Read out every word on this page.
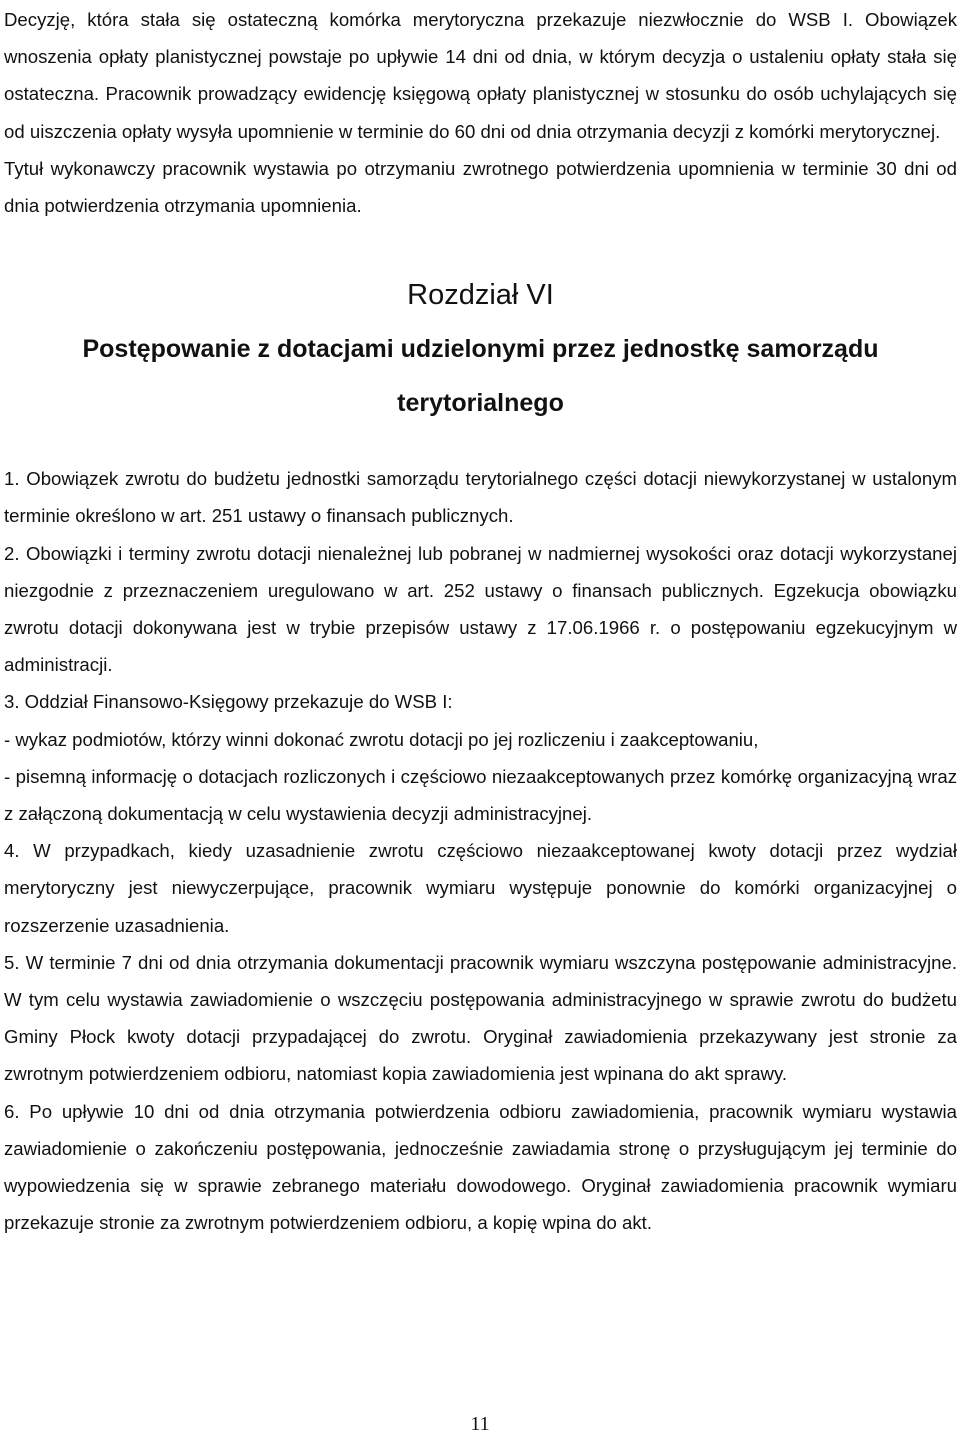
Decyzję, która stała się ostateczną komórka merytoryczna przekazuje niezwłocznie do WSB I. Obowiązek wnoszenia opłaty planistycznej powstaje po upływie 14 dni od dnia, w którym decyzja o ustaleniu opłaty stała się ostateczna. Pracownik prowadzący ewidencję księgową opłaty planistycznej w stosunku do osób uchylających się od uiszczenia opłaty wysyła upomnienie w terminie do 60 dni od dnia otrzymania decyzji z komórki merytorycznej.

Tytuł wykonawczy pracownik wystawia po otrzymaniu zwrotnego potwierdzenia upomnienia w terminie 30 dni od dnia potwierdzenia otrzymania upomnienia.

Rozdział VI
Postępowanie z dotacjami udzielonymi przez jednostkę samorządu
terytorialnego

1. Obowiązek zwrotu do budżetu jednostki samorządu terytorialnego części dotacji niewykorzystanej w ustalonym terminie określono w art. 251 ustawy o finansach publicznych.

2. Obowiązki i terminy zwrotu dotacji nienależnej lub pobranej w nadmiernej wysokości oraz dotacji wykorzystanej niezgodnie z przeznaczeniem uregulowano w art. 252 ustawy o finansach publicznych. Egzekucja obowiązku zwrotu dotacji dokonywana jest w trybie przepisów ustawy z 17.06.1966 r. o postępowaniu egzekucyjnym w administracji.

3. Oddział Finansowo-Księgowy przekazuje do WSB I:

- wykaz podmiotów, którzy winni dokonać zwrotu dotacji po jej rozliczeniu i zaakceptowaniu,

- pisemną informację o dotacjach rozliczonych i częściowo niezaakceptowanych przez komórkę organizacyjną wraz z załączoną dokumentacją w celu wystawienia decyzji administracyjnej.

4. W przypadkach, kiedy uzasadnienie zwrotu częściowo niezaakceptowanej kwoty dotacji przez wydział merytoryczny jest niewyczerpujące, pracownik wymiaru występuje ponownie do komórki organizacyjnej o rozszerzenie uzasadnienia.

5. W terminie 7 dni od dnia otrzymania dokumentacji pracownik wymiaru wszczyna postępowanie administracyjne. W tym celu wystawia zawiadomienie o wszczęciu postępowania administracyjnego w sprawie zwrotu do budżetu Gminy Płock kwoty dotacji przypadającej do zwrotu. Oryginał zawiadomienia przekazywany jest stronie za zwrotnym potwierdzeniem odbioru, natomiast kopia zawiadomienia jest wpinana do akt sprawy.

6. Po upływie 10 dni od dnia otrzymania potwierdzenia odbioru zawiadomienia, pracownik wymiaru wystawia zawiadomienie o zakończeniu postępowania, jednocześnie zawiadamia stronę o przysługującym jej terminie do wypowiedzenia się w sprawie zebranego materiału dowodowego. Oryginał zawiadomienia pracownik wymiaru przekazuje stronie za zwrotnym potwierdzeniem odbioru, a kopię wpina do akt.

11
